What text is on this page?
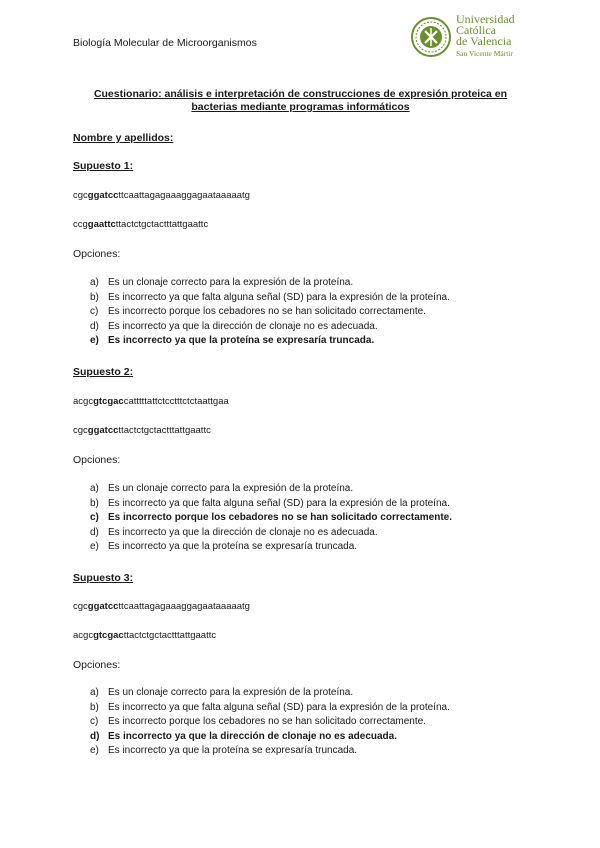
Biología Molecular de Microorganismos
Universidad
Católica
de Valencia
San Vicente Mártir
Cuestionario: análisis e interpretación de construcciones de expresión proteica en bacterias mediante programas informáticos
Nombre y apellidos:
Supuesto 1:
cgcggatccttcaattagagaaaggagaataaaaatg
ccggaattcttactctgctactttattgaattc
Opciones:
a) Es un clonaje correcto para la expresión de la proteína.
b) Es incorrecto ya que falta alguna señal (SD) para la expresión de la proteína.
c) Es incorrecto porque los cebadores no se han solicitado correctamente.
d) Es incorrecto ya que la dirección de clonaje no es adecuada.
e) Es incorrecto ya que la proteína se expresaría truncada.
Supuesto 2:
acgcgtcgaccatttttattctcctttctctaattgaa
cgcggatccttactctgctactttattgaattc
Opciones:
a) Es un clonaje correcto para la expresión de la proteína.
b) Es incorrecto ya que falta alguna señal (SD) para la expresión de la proteína.
c) Es incorrecto porque los cebadores no se han solicitado correctamente.
d) Es incorrecto ya que la dirección de clonaje no es adecuada.
e) Es incorrecto ya que la proteína se expresaría truncada.
Supuesto 3:
cgcggatccttcaattagagaaaggagaataaaaatg
acgcgtcgacttactctgctactttattgaattc
Opciones:
a) Es un clonaje correcto para la expresión de la proteína.
b) Es incorrecto ya que falta alguna señal (SD) para la expresión de la proteína.
c) Es incorrecto porque los cebadores no se han solicitado correctamente.
d) Es incorrecto ya que la dirección de clonaje no es adecuada.
e) Es incorrecto ya que la proteína se expresaría truncada.
